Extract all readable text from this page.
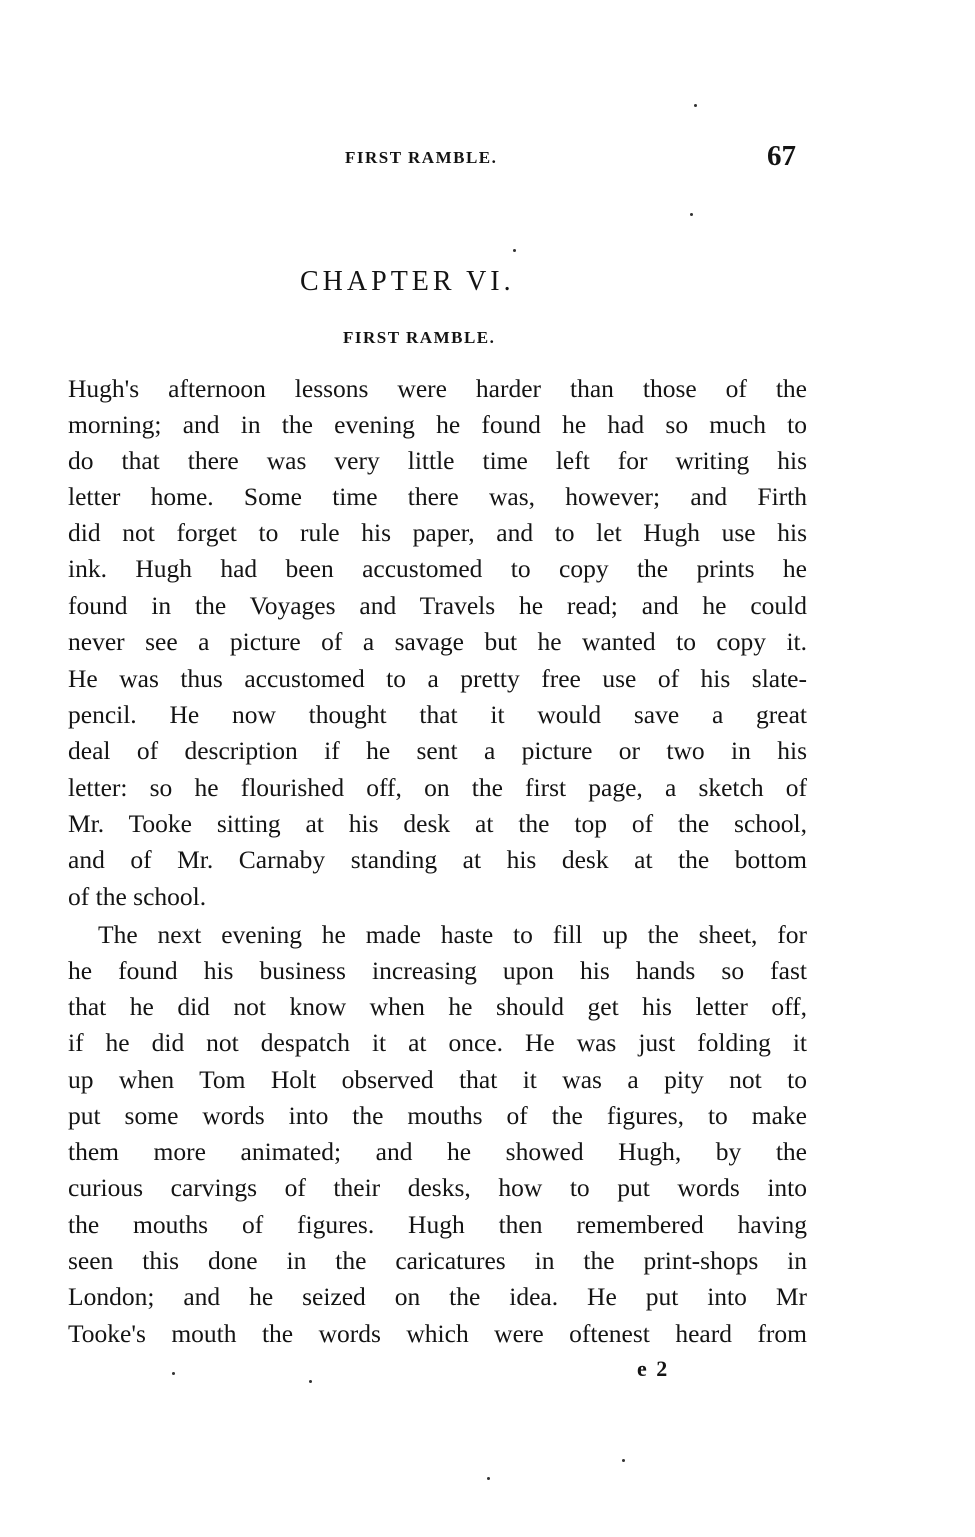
FIRST RAMBLE.	67
CHAPTER VI.
FIRST RAMBLE.
Hugh's afternoon lessons were harder than those of the
morning; and in the evening he found he had so much to
do that there was very little time left for writing his
letter home. Some time there was, however; and Firth
did not forget to rule his paper, and to let Hugh use his
ink. Hugh had been accustomed to copy the prints he
found in the Voyages and Travels he read; and he could
never see a picture of a savage but he wanted to copy it.
He was thus accustomed to a pretty free use of his slate-
pencil. He now thought that it would save a great
deal of description if he sent a picture or two in his
letter: so he flourished off, on the first page, a sketch of
Mr. Tooke sitting at his desk at the top of the school,
and of Mr. Carnaby standing at his desk at the bottom
of the school.
The next evening he made haste to fill up the sheet, for
he found his business increasing upon his hands so fast
that he did not know when he should get his letter off,
if he did not despatch it at once. He was just folding it
up when Tom Holt observed that it was a pity not to
put some words into the mouths of the figures, to make
them more animated; and he showed Hugh, by the
curious carvings of their desks, how to put words into
the mouths of figures. Hugh then remembered having
seen this done in the caricatures in the print-shops in
London; and he seized on the idea. He put into Mr
Tooke's mouth the words which were oftenest heard from
e 2
